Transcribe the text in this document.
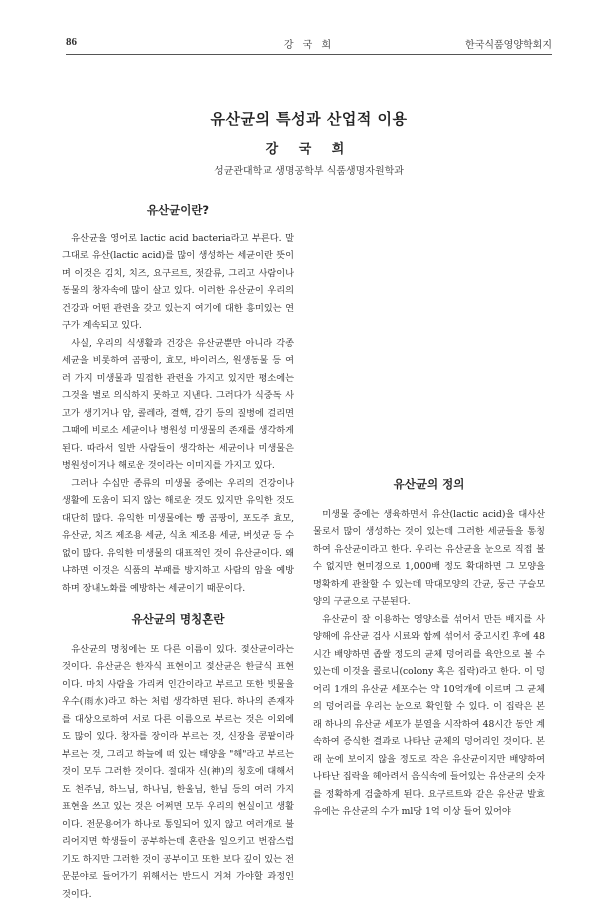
86	강 국 희	한국식품영양학회지
유산균의 특성과 산업적 이용
강 국 희
성균관대학교 생명공학부 식품생명자원학과
유산균이란?

유산균을 영어로 lactic acid bacteria라고 부른다. 말 그대로 유산(lactic acid)를 많이 생성하는 세균이란 뜻이며 이것은 김치, 치즈, 요구르트, 젓갈류, 그리고 사람이나 동물의 창자속에 많이 살고 있다. 이러한 유산균이 우리의 건강과 어떤 관련을 갖고 있는지 여기에 대한 흥미있는 연구가 계속되고 있다.

사실, 우리의 식생활과 건강은 유산균뿐만 아니라 각종 세균을 비롯하여 곰팡이, 효모, 바이러스, 원생동물 등 여러 가지 미생물과 밀접한 관련을 가지고 있지만 평소에는 그것을 별로 의식하지 못하고 지낸다. 그러다가 식중독 사고가 생기거나 암, 콜레라, 결핵, 감기 등의 질병에 걸리면 그때에 비로소 세균이나 병원성 미생물의 존재를 생각하게 된다. 따라서 일반 사람들이 생각하는 세균이나 미생물은 병원성이거나 해로운 것이라는 이미지를 가지고 있다.

그러나 수십만 종류의 미생물 중에는 우리의 건강이나 생활에 도움이 되지 않는 해로운 것도 있지만 유익한 것도 대단히 많다. 유익한 미생물에는 빵 곰팡이, 포도주 효모, 유산균, 치즈 제조용 세균, 식초 제조용 세균, 버섯균 등 수 없이 많다. 유익한 미생물의 대표적인 것이 유산균이다. 왜냐하면 이것은 식품의 부패를 방지하고 사람의 암을 예방하며 장내노화를 예방하는 세균이기 때문이다.

유산균의 명칭혼란

유산균의 명칭에는 또 다른 이름이 있다. 젖산균이라는 것이다. 유산균은 한자식 표현이고 젖산균은 한글식 표현이다. 마치 사람을 가리켜 인간이라고 부르고 또한 빗물을 우수(雨水)라고 하는 처럼 생각하면 된다. 하나의 존재자를 대상으로하여 서로 다른 이름으로 부르는 것은 이외에도 많이 있다. 창자를 장이라 부르는 것, 신장을 콩팥이라 부르는 것, 그리고 하늘에 떠 있는 태양을 "해"라고 부르는 것이 모두 그러한 것이다. 절대자 신(神)의 칭호에 대해서도 천주님, 하느님, 하나님, 한울님, 한님 등의 여러 가지 표현을 쓰고 있는 것은 어쩌면 모두 우리의 현실이고 생활이다. 전문용어가 하나로 통일되어 있지 않고 여러개로 불리어지면 학생들이 공부하는데 혼란을 일으키고 번잡스럽기도 하지만 그러한 것이 공부이고 또한 보다 깊이 있는 전문분야로 들어가기 위해서는 반드시 거쳐 가야할 과정인 것이다.

유산균의 정의

미생물 중에는 생육하면서 유산(lactic acid)을 대사산물로서 많이 생성하는 것이 있는데 그러한 세균들을 통칭하여 유산균이라고 한다. 우리는 유산균을 눈으로 직접 볼 수 없지만 현미경으로 1,000배 정도 확대하면 그 모양을 명확하게 관찰할 수 있는데 막대모양의 간균, 둥근 구슬모양의 구균으로 구분된다.

유산균이 잘 이용하는 영양소를 섞어서 만든 배지를 사양해에 유산균 검사 시료와 함께 섞어서 중고시킨 후에 48시간 배양하면 좁쌀 정도의 균체 덩어리를 육안으로 볼 수 있는데 이것을 콜로니(colony 혹은 집락)라고 한다. 이 덩어리 1개의 유산균 세포수는 약 10억개에 이르며 그 균체의 덩어리를 우리는 눈으로 확인할 수 있다. 이 집락은 본래 하나의 유산균 세포가 분열을 시작하여 48시간 동안 계속하여 증식한 결과로 나타난 균체의 덩어리인 것이다. 본래 눈에 보이지 않을 정도로 작은 유산균이지만 배양하여 나타난 집락을 헤아려서 음식속에 들어있는 유산균의 숫자를 정확하게 검출하게 된다. 요구르트와 같은 유산균 발효유에는 유산균의 수가 ml당 1억 이상 들어 있어야
